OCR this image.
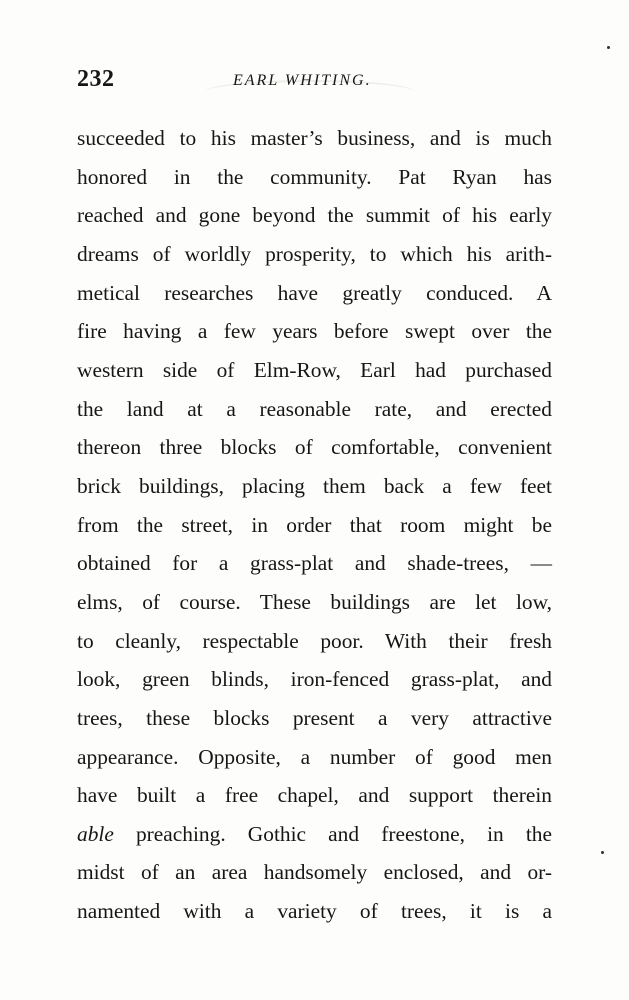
232	EARL WHITING.
succeeded to his master’s business, and is much
honored in the community. Pat Ryan has
reached and gone beyond the summit of his early
dreams of worldly prosperity, to which his arith-
metical researches have greatly conduced. A
fire having a few years before swept over the
western side of Elm-Row, Earl had purchased
the land at a reasonable rate, and erected
thereon three blocks of comfortable, convenient
brick buildings, placing them back a few feet
from the street, in order that room might be
obtained for a grass-plat and shade-trees, —
elms, of course. These buildings are let low,
to cleanly, respectable poor. With their fresh
look, green blinds, iron-fenced grass-plat, and
trees, these blocks present a very attractive
appearance. Opposite, a number of good men
have built a free chapel, and support therein
able preaching. Gothic and freestone, in the
midst of an area handsomely enclosed, and or-
namented with a variety of trees, it is a
